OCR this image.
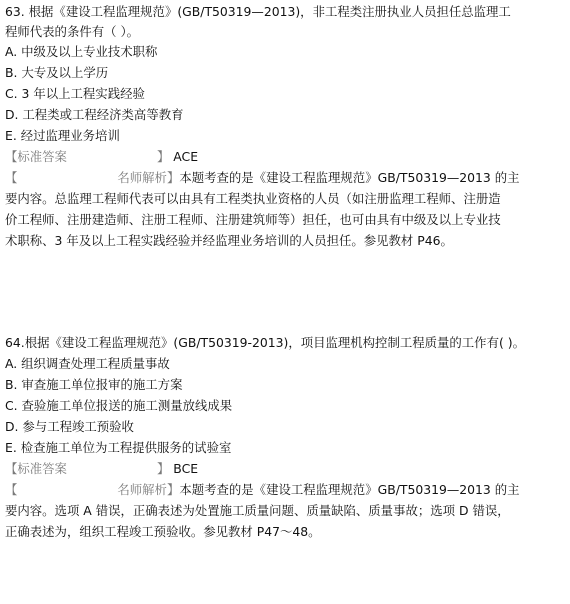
63. 根据《建设工程监理规范》(GB/T50319—2013)，非工程类注册执业人员担任总监理工
程师代表的条件有（ ）。
A. 中级及以上专业技术职称
B. 大专及以上学历
C. 3 年以上工程实践经验
D. 工程类或工程经济类高等教育
E. 经过监理业务培训
【标准答案	】 ACE
【	名师解析】本题考查的是《建设工程监理规范》GB/T50319—2013 的主
要内容。总监理工程师代表可以由具有工程类执业资格的人员（如注册监理工程师、注册造
价工程师、注册建造师、注册工程师、注册建筑师等）担任，也可由具有中级及以上专业技
术职称、3 年及以上工程实践经验并经监理业务培训的人员担任。参见教材 P46。
64.根据《建设工程监理规范》(GB/T50319-2013)，项目监理机构控制工程质量的工作有( )。
A. 组织调查处理工程质量事故
B. 审查施工单位报审的施工方案
C. 查验施工单位报送的施工测量放线成果
D. 参与工程竣工预验收
E. 检查施工单位为工程提供服务的试验室
【标准答案	】 BCE
【	名师解析】本题考查的是《建设工程监理规范》GB/T50319—2013 的主
要内容。选项 A 错误，正确表述为处置施工质量问题、质量缺陷、质量事故；选项 D 错误，
正确表述为，组织工程竣工预验收。参见教材 P47～48。
